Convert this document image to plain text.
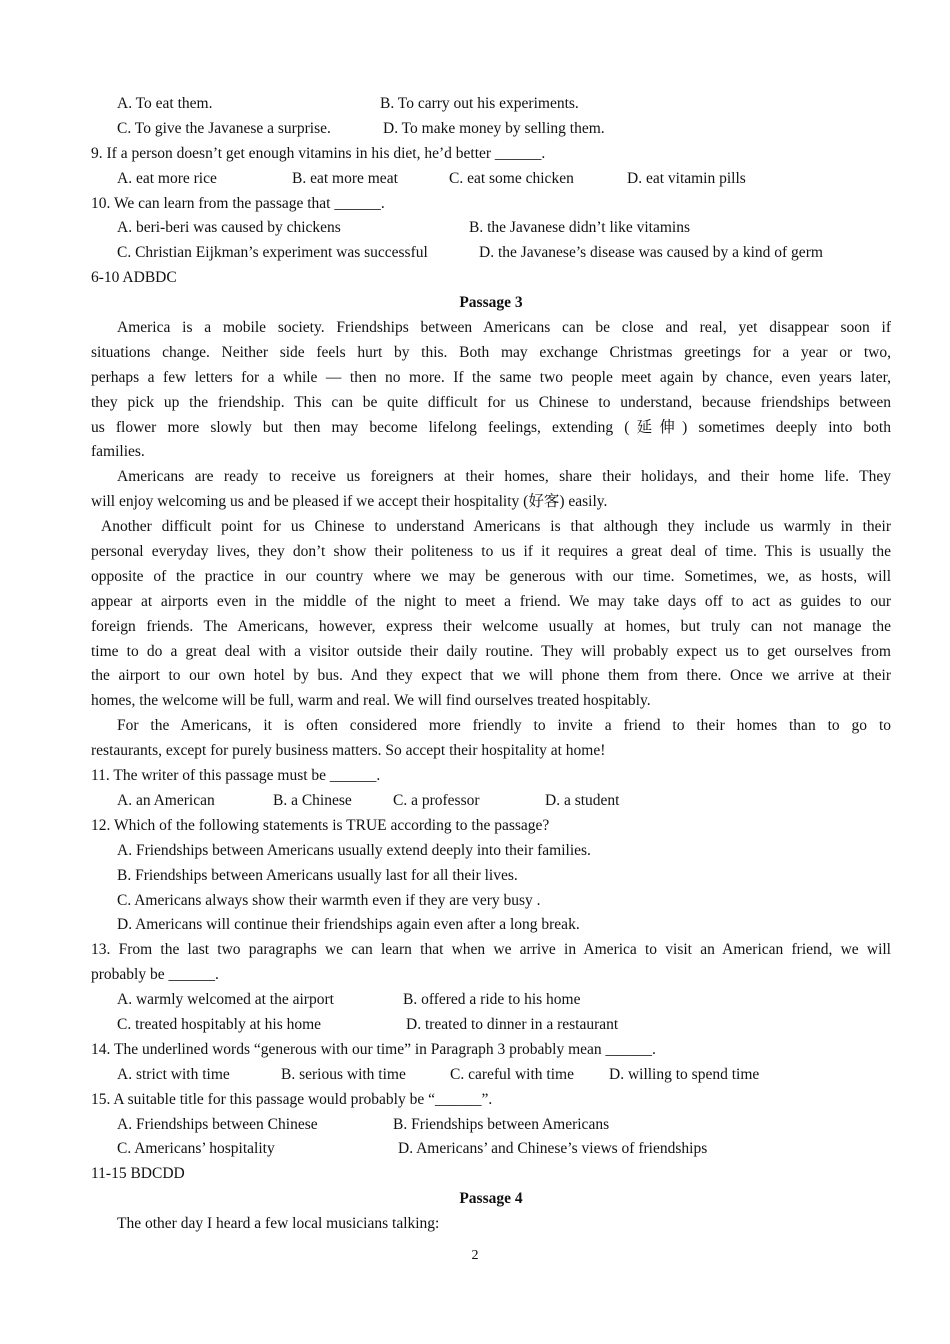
A. To eat them.	B. To carry out his experiments.
C. To give the Javanese a surprise.	D. To make money by selling them.
9. If a person doesn’t get enough vitamins in his diet, he’d better ______.
A. eat more rice	B. eat more meat	C. eat some chicken	D. eat vitamin pills
10. We can learn from the passage that ______.
A. beri-beri was caused by chickens	B. the Javanese didn’t like vitamins
C. Christian Eijkman’s experiment was successful	D. the Javanese’s disease was caused by a kind of germ
6-10 ADBDC
Passage 3
America is a mobile society. Friendships between Americans can be close and real, yet disappear soon if
situations change. Neither side feels hurt by this. Both may exchange Christmas greetings for a year or two,
perhaps a few letters for a while — then no more. If the same two people meet again by chance, even years later,
they pick up the friendship. This can be quite difficult for us Chinese to understand, because friendships between
us flower more slowly but then may become lifelong feelings, extending (延伸) sometimes deeply into both
families.
Americans are ready to receive us foreigners at their homes, share their holidays, and their home life. They
will enjoy welcoming us and be pleased if we accept their hospitality (好客) easily.
Another difficult point for us Chinese to understand Americans is that although they include us warmly in their
personal everyday lives, they don’t show their politeness to us if it requires a great deal of time. This is usually the
opposite of the practice in our country where we may be generous with our time. Sometimes, we, as hosts, will
appear at airports even in the middle of the night to meet a friend. We may take days off to act as guides to our
foreign friends. The Americans, however, express their welcome usually at homes, but truly can not manage the
time to do a great deal with a visitor outside their daily routine. They will probably expect us to get ourselves from
the airport to our own hotel by bus. And they expect that we will phone them from there. Once we arrive at their
homes, the welcome will be full, warm and real. We will find ourselves treated hospitably.
For the Americans, it is often considered more friendly to invite a friend to their homes than to go to
restaurants, except for purely business matters. So accept their hospitality at home!
11. The writer of this passage must be ______.
A. an American	B. a Chinese	C. a professor	D. a student
12. Which of the following statements is TRUE according to the passage?
A. Friendships between Americans usually extend deeply into their families.
B. Friendships between Americans usually last for all their lives.
C. Americans always show their warmth even if they are very busy .
D. Americans will continue their friendships again even after a long break.
13. From the last two paragraphs we can learn that when we arrive in America to visit an American friend, we will
probably be ______.
A. warmly welcomed at the airport	B. offered a ride to his home
C. treated hospitably at his home	D. treated to dinner in a restaurant
14. The underlined words “generous with our time” in Paragraph 3 probably mean ______.
A. strict with time	B. serious with time	C. careful with time	D. willing to spend time
15. A suitable title for this passage would probably be “______”.
A. Friendships between Chinese	B. Friendships between Americans
C. Americans’ hospitality	D. Americans’ and Chinese’s views of friendships
11-15 BDCDD
Passage 4
The other day I heard a few local musicians talking:
2
